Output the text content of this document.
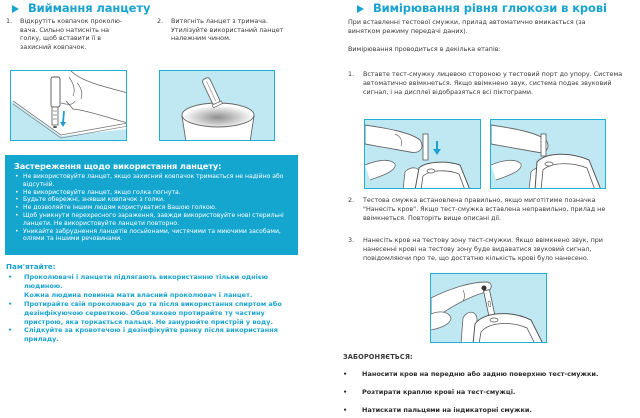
Виймання ланцету
1.	Відкрутіть ковпачок проколю-вача. Сильно натисніть на голку, щоб вставити її в захисний ковпачок.
2.	Витягніть ланцет з тримача. Утилізуйте використаний ланцет належним чином.
Застереження щодо використання ланцету:
• Не використовуйте ланцет, якщо захисний ковпачок тримається не надійно або відсутній.
• Не використовуйте ланцет, якщо голка погнута.
• Будьте обережні, знявши ковпачок з голки.
• Не дозволяйте іншим людям користуватися Вашою голкою.
• Щоб уникнути перехресного зараження, завжди використовуйте нові стерильні ланцети. Не використовуйте ланцети повторно.
• Уникайте забруднення ланцетів лосьйонами, чистячими та миючими засобами, оліями та іншими речовинами.
Пам'ятайте:
• Проколювачі і ланцети підлягають використанню тільки однією людиною.
Кожна людина повинна мати власний проколювач і ланцет.
• Протирайте свій проколювач до та після використання спиртом або дезінфікуючою серветкою. Обов'язково протирайте ту частину пристрою, яка торкається пальця. Не занурюйте пристрій у воду.
• Слідкуйте за кровотечою і дезінфікуйте ранку після використання приладу.
Вимірювання рівня глюкози в крові
При вставленні тестової смужки, прилад автоматично вмикається (за винятком режиму передачі даних).
Вимірювання проводиться в декілька етапів:
1.	Вставте тест-смужку лицевою стороною у тестовий порт до упору. Система автоматично ввімкнеться. Якщо ввімкнено звук, система подає звуковий сигнал, і на дисплеї відобразяться всі піктограми.
2.	Тестова смужка встановлена правильно, якщо миготітиме позначка "Нанесіть кров". Якщо тест-смужка вставлена неправильно, прилад не ввімкнеться. Повторіть вище описані дії.
3.	Нанесіть кров на тестову зону тест-смужки. Якщо ввімкнено звук, при нанесенні крові на тестову зону буде видаватися звуковий сигнал, повідомляючи про те, що достатню кількість крові було нанесено.
ЗАБОРОНЯЄТЬСЯ:
• Наносити кров на передню або задню поверхню тест-смужки.
• Розтирати краплю крові на тест-смужці.
• Натискати пальцями на індикаторні смужки.
